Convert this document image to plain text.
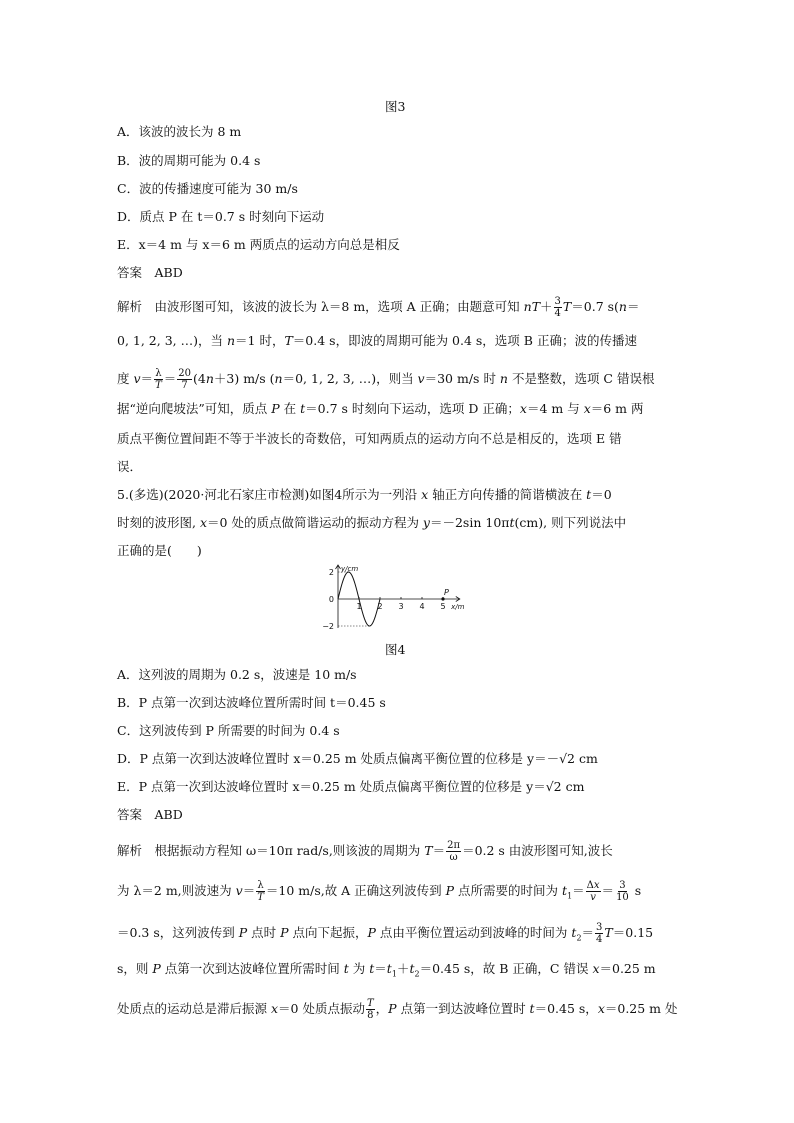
图3
A．该波的波长为 8 m
B．波的周期可能为 0.4 s
C．波的传播速度可能为 30 m/s
D．质点 P 在 t＝0.7 s 时刻向下运动
E．x＝4 m 与 x＝6 m 两质点的运动方向总是相反
答案　ABD
解析　由波形图可知，该波的波长为 λ＝8 m，选项 A 正确；由题意可知 $nT+ \frac{3}{4} T=0.7$ s(n＝
0, 1, 2, 3, …)，当 n＝1 时，T＝0.4 s，即波的周期可能为 0.4 s，选项 B 正确；波的传播速
度 $v= \frac{\lambda}{T} = \frac{20}{7} (4n+3)$ m/s (n＝0, 1, 2, 3, …)，则当 v＝30 m/s 时 n 不是整数，选项 C 错误根
据“逆向爬坡法”可知，质点 P 在 t＝0.7 s 时刻向下运动，选项 D 正确；x＝4 m 与 x＝6 m 两
质点平衡位置间距不等于半波长的奇数倍，可知两质点的运动方向不总是相反的，选项 E 错
误．
5.(多选)(2020·河北石家庄市检测)如图4所示为一列沿 x 轴正方向传播的简谐横波在 t＝0
时刻的波形图, x＝0 处的质点做简谐运动的振动方程为 y＝－2sin 10πt(cm), 则下列说法中
正确的是(　　)
1 2 3 4 5
2
0
−2
x/m
y/cm
P
图4
A．这列波的周期为 0.2 s，波速是 10 m/s
B．P 点第一次到达波峰位置所需时间 t＝0.45 s
C．这列波传到 P 所需要的时间为 0.4 s
D．P 点第一次到达波峰位置时 x＝0.25 m 处质点偏离平衡位置的位移是 y＝－√2 cm
E．P 点第一次到达波峰位置时 x＝0.25 m 处质点偏离平衡位置的位移是 y＝√2 cm
答案　ABD
解析　根据振动方程知 ω＝10π rad/s,则该波的周期为 $T= \frac{2\pi}{\omega} =0.2$ s 由波形图可知,波长
为 λ＝2 m,则波速为 $v= \frac{\lambda}{T} =10$ m/s,故 A 正确这列波传到 P 点所需要的时间为 $t_1= \frac{\Delta x}{v} = \frac{3}{10}$ s
＝0.3 s，这列波传到 P 点时 P 点向下起振，P 点由平衡位置运动到波峰的时间为 $t_2= \frac{3}{4} T=0.15$
s，则 P 点第一次到达波峰位置所需时间 t 为 $t=t_1+t_2=0.45$ s，故 B 正确，C 错误 x＝0.25 m
处质点的运动总是滞后振源 x＝0 处质点振动 $\frac{T}{8}$ ，P 点第一到达波峰位置时 t＝0.45 s，x＝0.25 m 处
